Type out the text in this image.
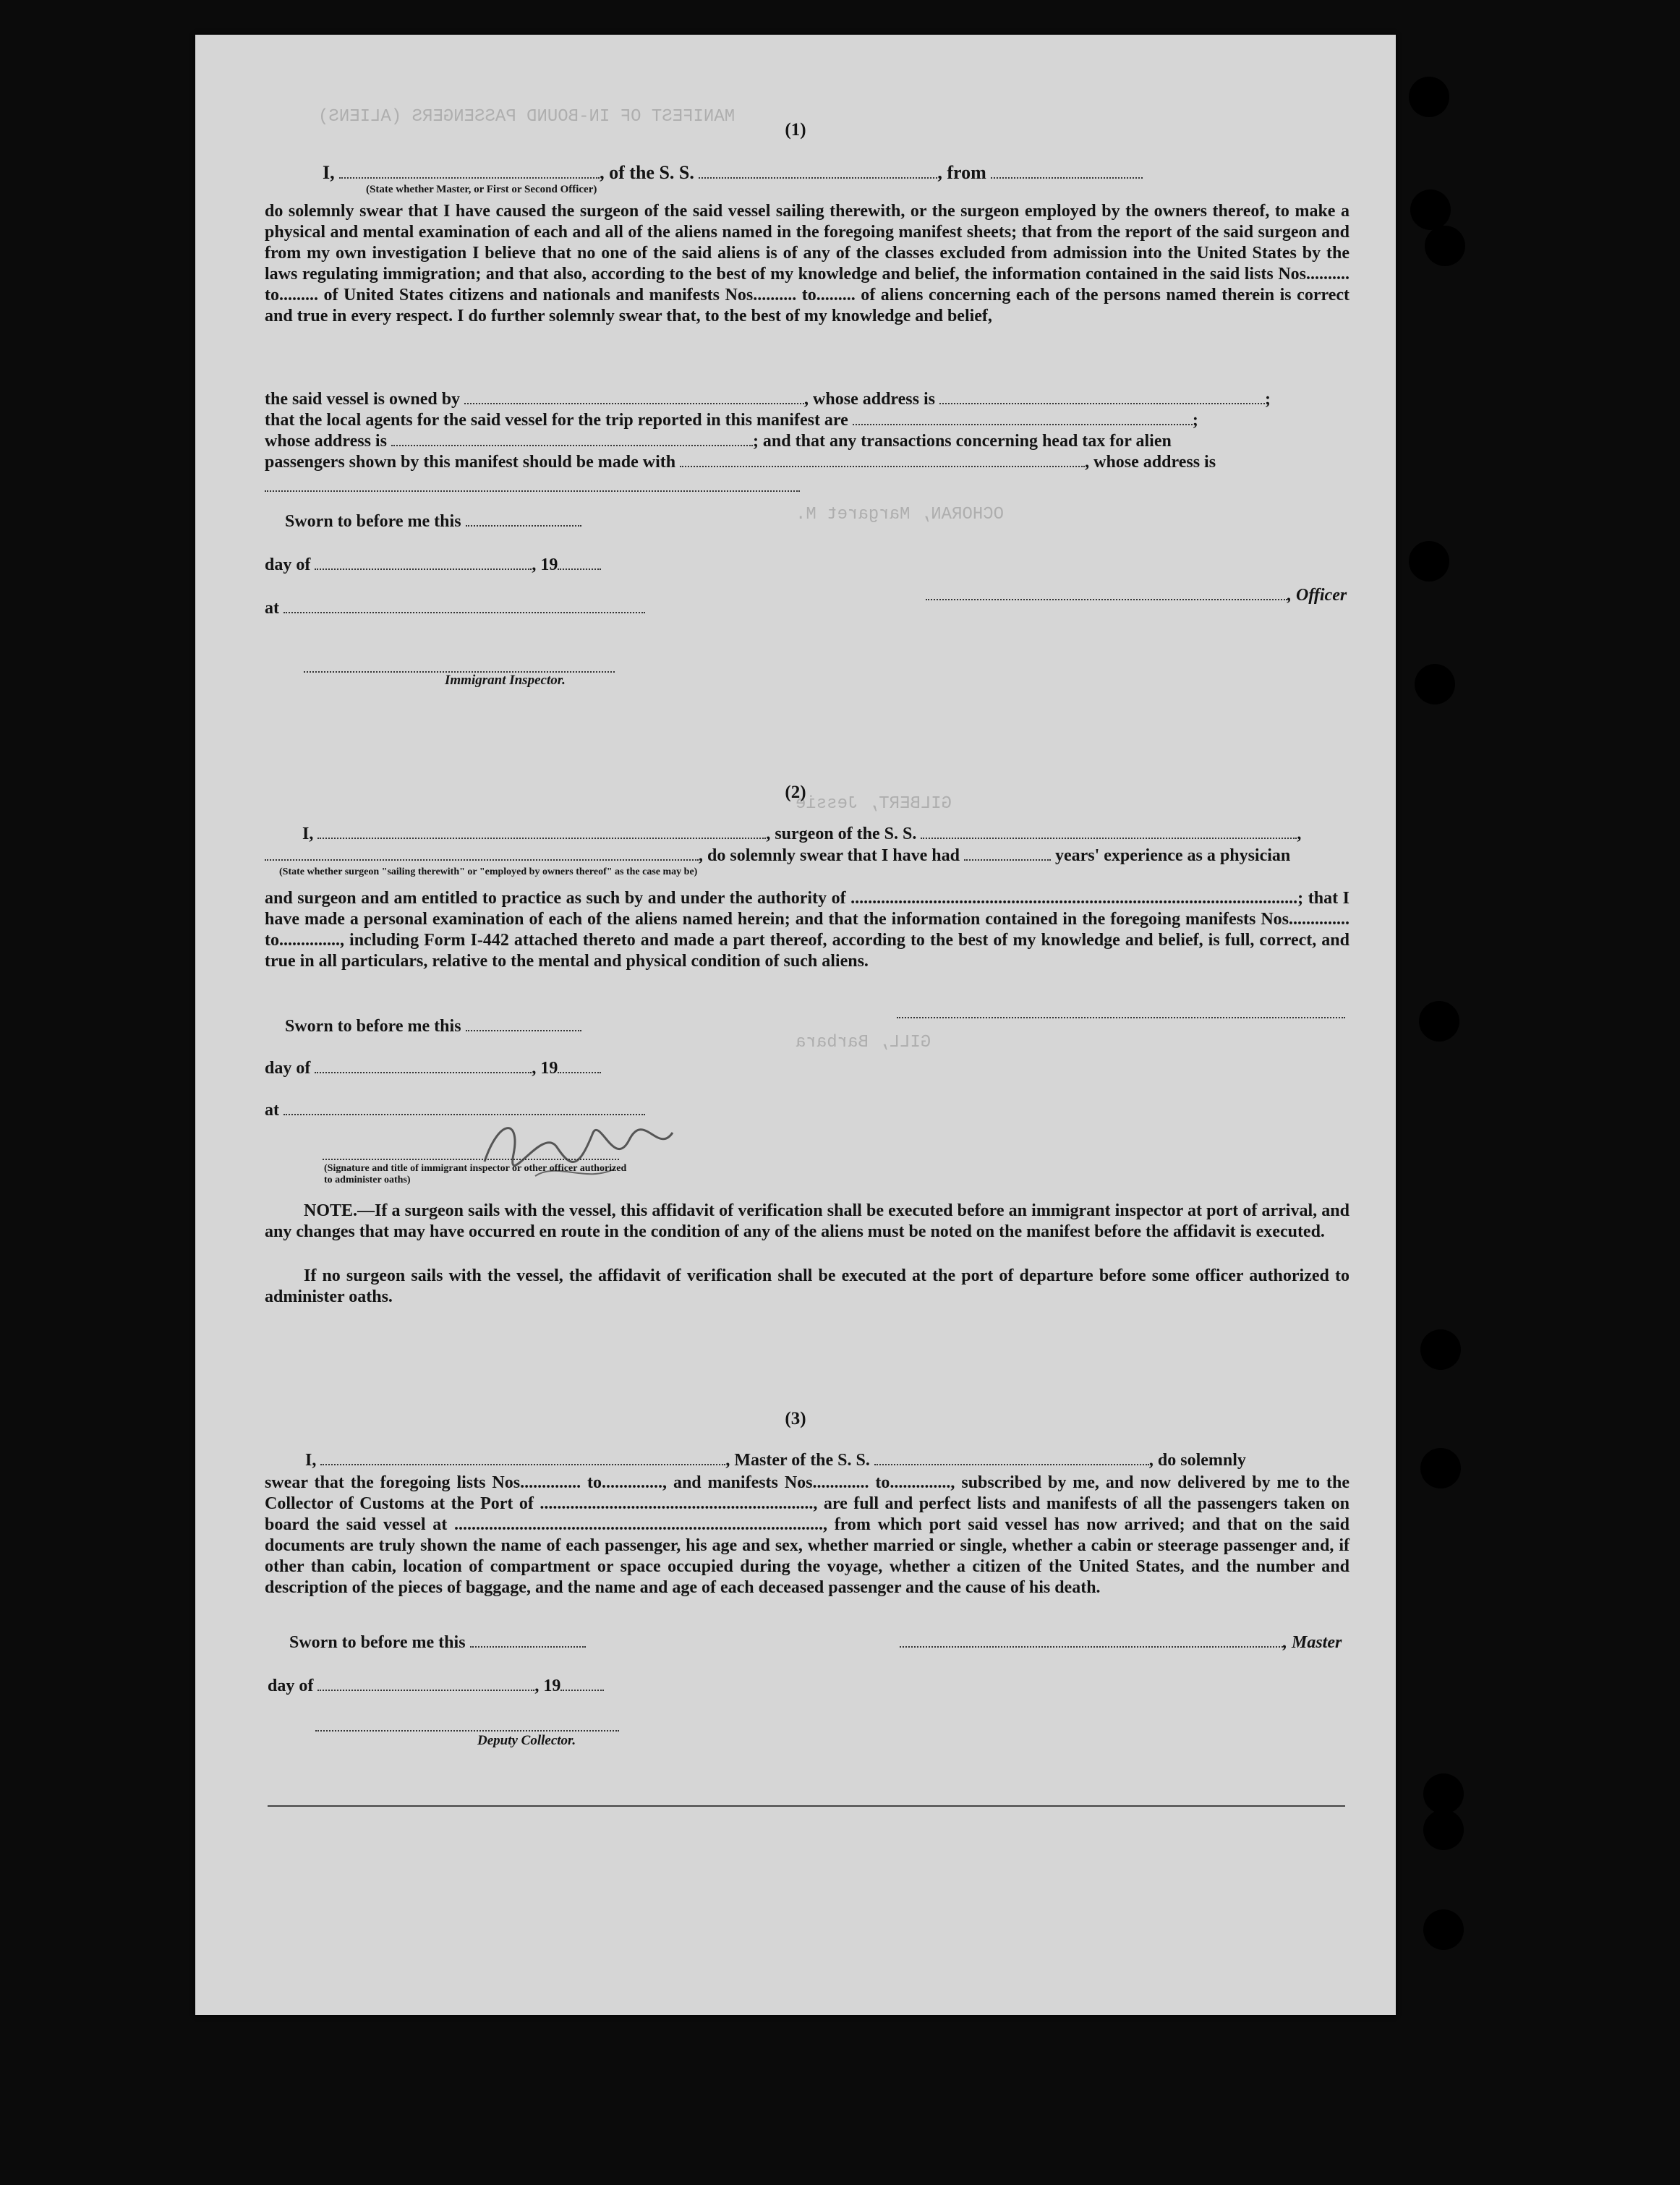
MANIFEST OF IN-BOUND PASSENGERS (ALIENS)
OCHORAN, Margaret M.
GILBERT, Jessie
GILL, Barbara
(1)
I,	, of the S. S.	, from
(State whether Master, or First or Second Officer)
do solemnly swear that I have caused the surgeon of the said vessel sailing therewith, or the surgeon employed by the owners thereof, to make a physical and mental examination of each and all of the aliens named in the foregoing manifest sheets; that from the report of the said surgeon and from my own investigation I believe that no one of the said aliens is of any of the classes excluded from admission into the United States by the laws regulating immigration; and that also, according to the best of my knowledge and belief, the information contained in the said lists Nos.......... to......... of United States citizens and nationals and manifests Nos.......... to......... of aliens concerning each of the persons named therein is correct and true in every respect. I do further solemnly swear that, to the best of my knowledge and belief,
the said vessel is owned by	, whose address is	;
that the local agents for the said vessel for the trip reported in this manifest are	;
whose address is	; and that any transactions concerning head tax for alien
passengers shown by this manifest should be made with	, whose address is
Sworn to before me this
day of	, 19
at
, Officer
Immigrant Inspector.
(2)
I,	, surgeon of the S. S.	,
, do solemnly swear that I have had	years' experience as a physician
(State whether surgeon "sailing therewith" or "employed by owners thereof" as the case may be)
and surgeon and am entitled to practice as such by and under the authority of .......................................................................................................; that I have made a personal examination of each of the aliens named herein; and that the information contained in the foregoing manifests Nos.............. to.............., including Form I-442 attached thereto and made a part thereof, according to the best of my knowledge and belief, is full, correct, and true in all particulars, relative to the mental and physical condition of such aliens.
Sworn to before me this
day of	, 19
at
(Signature and title of immigrant inspector or other officer authorized to administer oaths)
NOTE.—If a surgeon sails with the vessel, this affidavit of verification shall be executed before an immigrant inspector at port of arrival, and any changes that may have occurred en route in the condition of any of the aliens must be noted on the manifest before the affidavit is executed.
If no surgeon sails with the vessel, the affidavit of verification shall be executed at the port of departure before some officer authorized to administer oaths.
(3)
I,	, Master of the S. S.	, do solemnly
swear that the foregoing lists Nos.............. to.............., and manifests Nos............. to.............., subscribed by me, and now delivered by me to the Collector of Customs at the Port of ..............................................................., are full and perfect lists and manifests of all the passengers taken on board the said vessel at ....................................................................................., from which port said vessel has now arrived; and that on the said documents are truly shown the name of each passenger, his age and sex, whether married or single, whether a cabin or steerage passenger and, if other than cabin, location of compartment or space occupied during the voyage, whether a citizen of the United States, and the number and description of the pieces of baggage, and the name and age of each deceased passenger and the cause of his death.
Sworn to before me this	, Master
day of	, 19
Deputy Collector.
